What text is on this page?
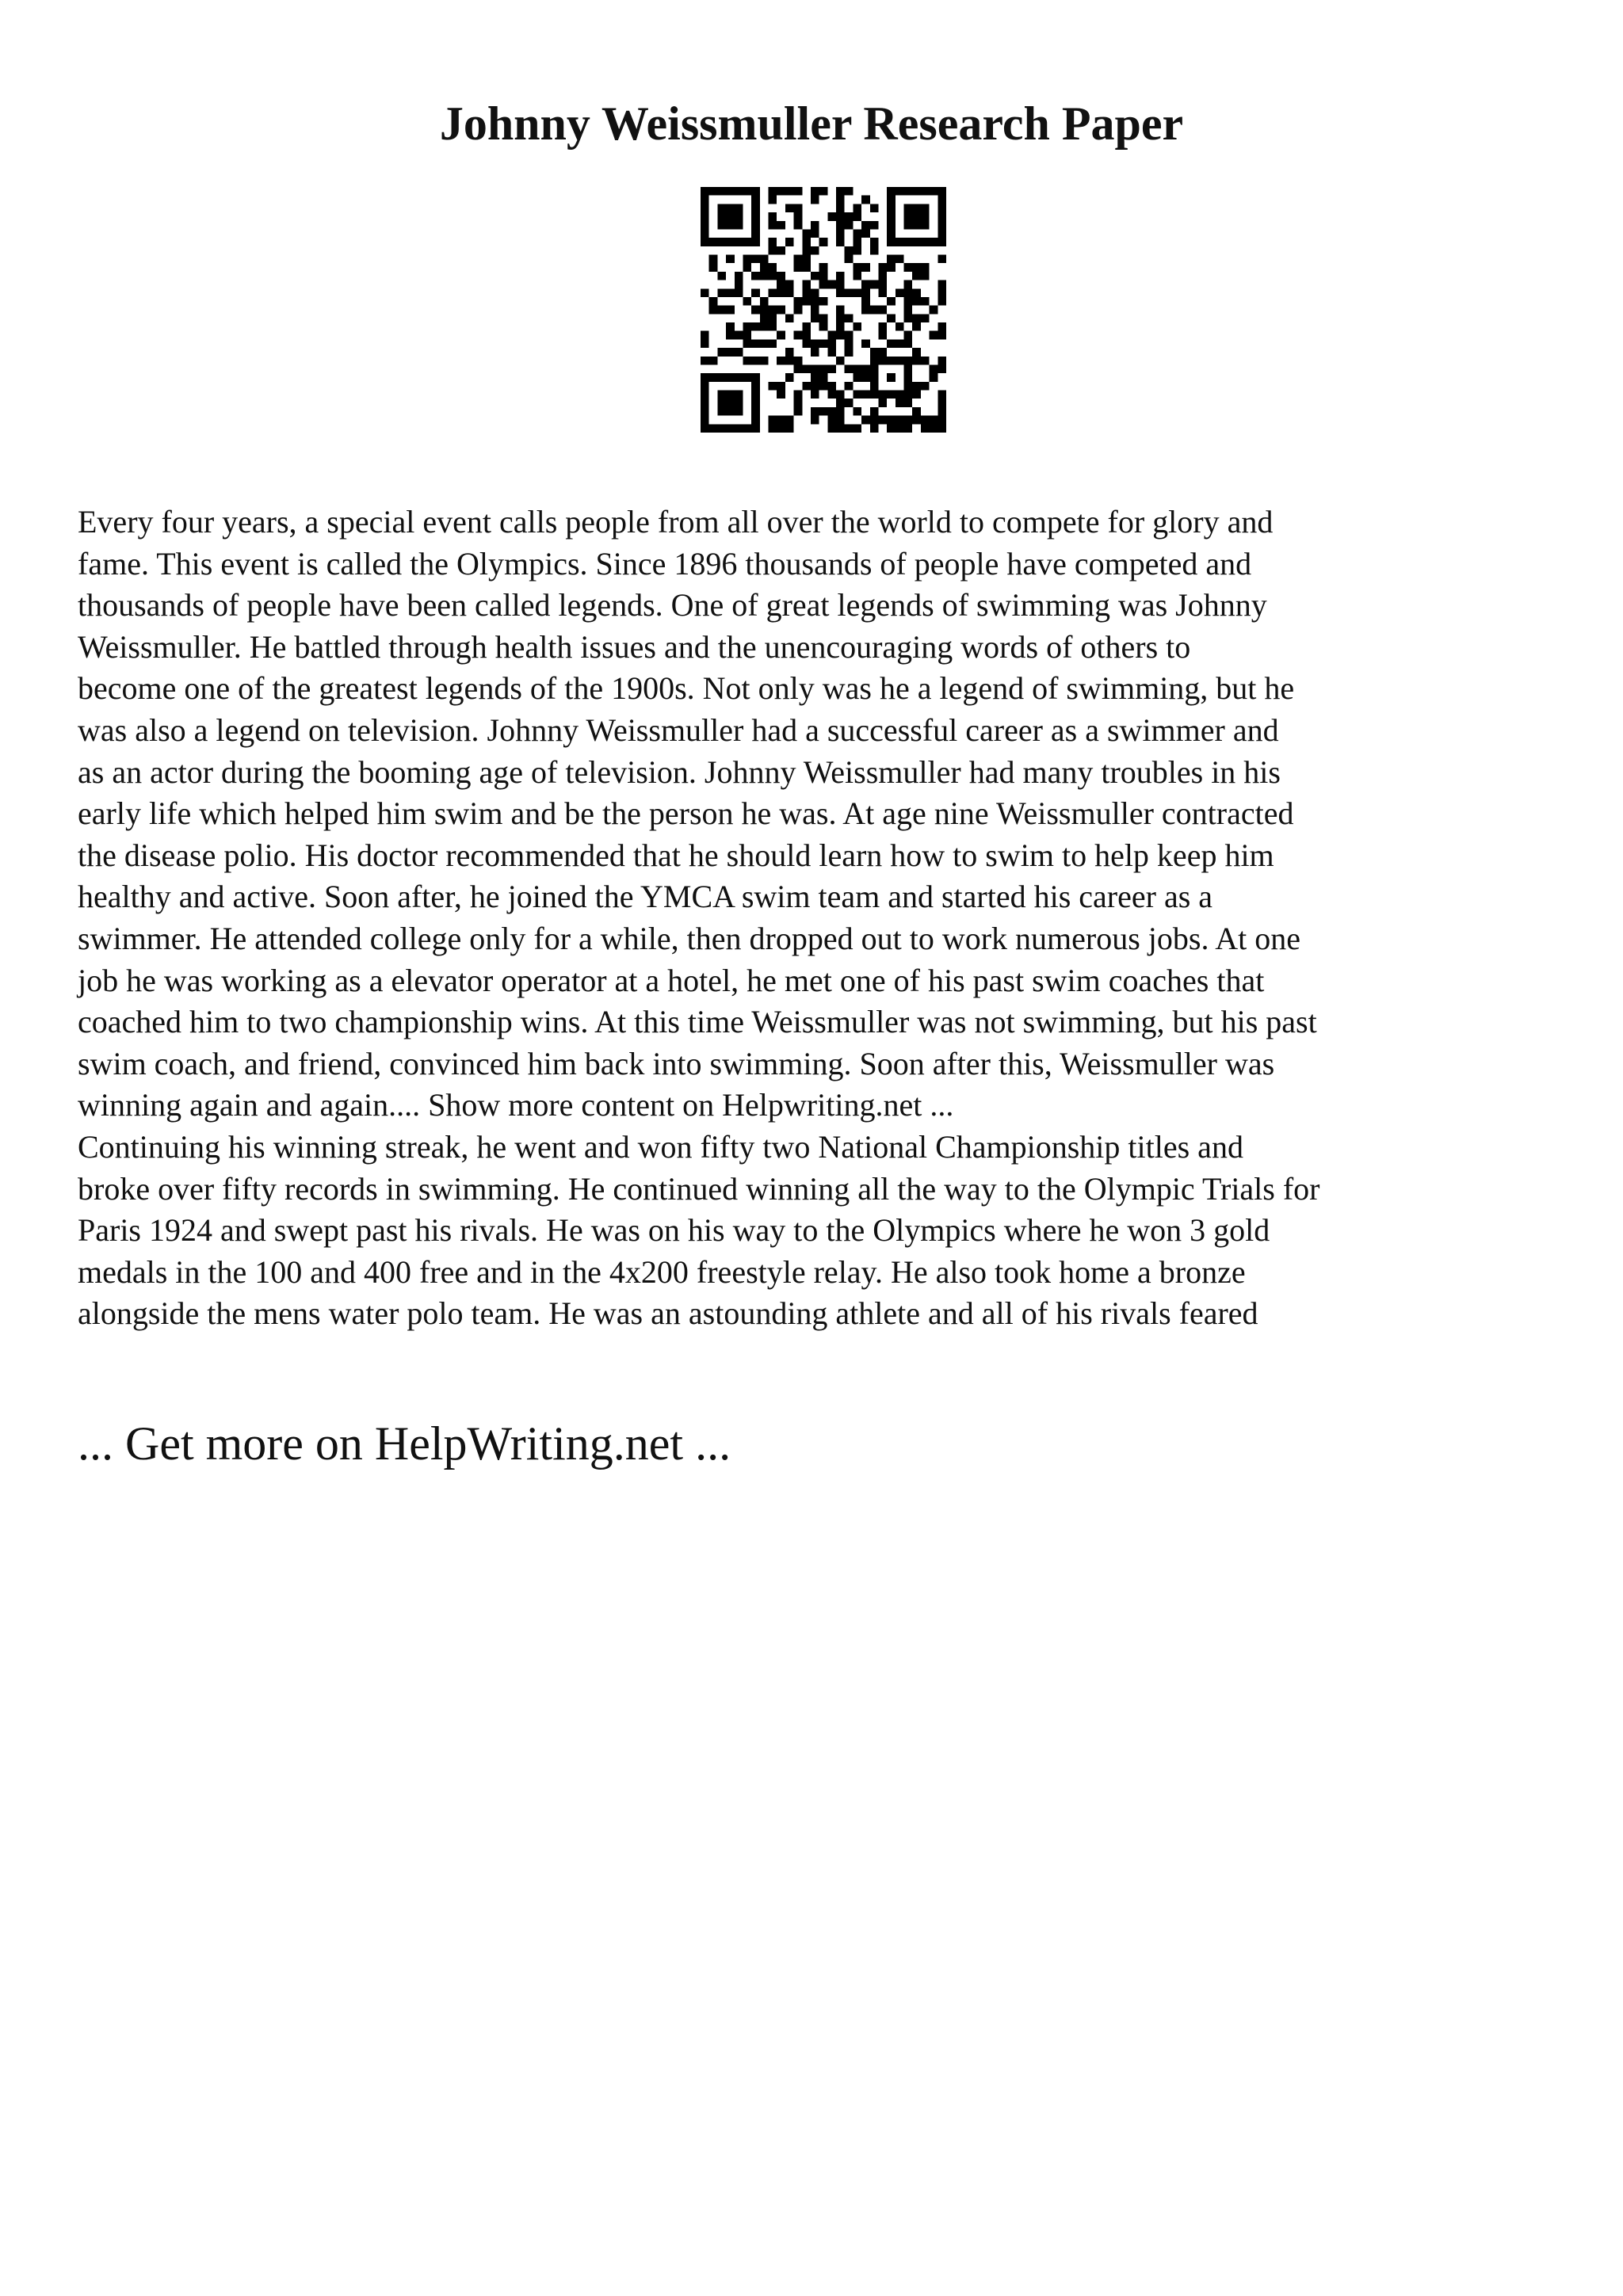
Johnny Weissmuller Research Paper

Every four years, a special event calls people from all over the world to compete for glory and
fame. This event is called the Olympics. Since 1896 thousands of people have competed and
thousands of people have been called legends. One of great legends of swimming was Johnny
Weissmuller. He battled through health issues and the unencouraging words of others to
become one of the greatest legends of the 1900s. Not only was he a legend of swimming, but he
was also a legend on television. Johnny Weissmuller had a successful career as a swimmer and
as an actor during the booming age of television. Johnny Weissmuller had many troubles in his
early life which helped him swim and be the person he was. At age nine Weissmuller contracted
the disease polio. His doctor recommended that he should learn how to swim to help keep him
healthy and active. Soon after, he joined the YMCA swim team and started his career as a
swimmer. He attended college only for a while, then dropped out to work numerous jobs. At one
job he was working as a elevator operator at a hotel, he met one of his past swim coaches that
coached him to two championship wins. At this time Weissmuller was not swimming, but his past
swim coach, and friend, convinced him back into swimming. Soon after this, Weissmuller was
winning again and again.... Show more content on Helpwriting.net ...

Continuing his winning streak, he went and won fifty two National Championship titles and
broke over fifty records in swimming. He continued winning all the way to the Olympic Trials for
Paris 1924 and swept past his rivals. He was on his way to the Olympics where he won 3 gold
medals in the 100 and 400 free and in the 4x200 freestyle relay. He also took home a bronze
alongside the mens water polo team. He was an astounding athlete and all of his rivals feared

... Get more on HelpWriting.net ...
